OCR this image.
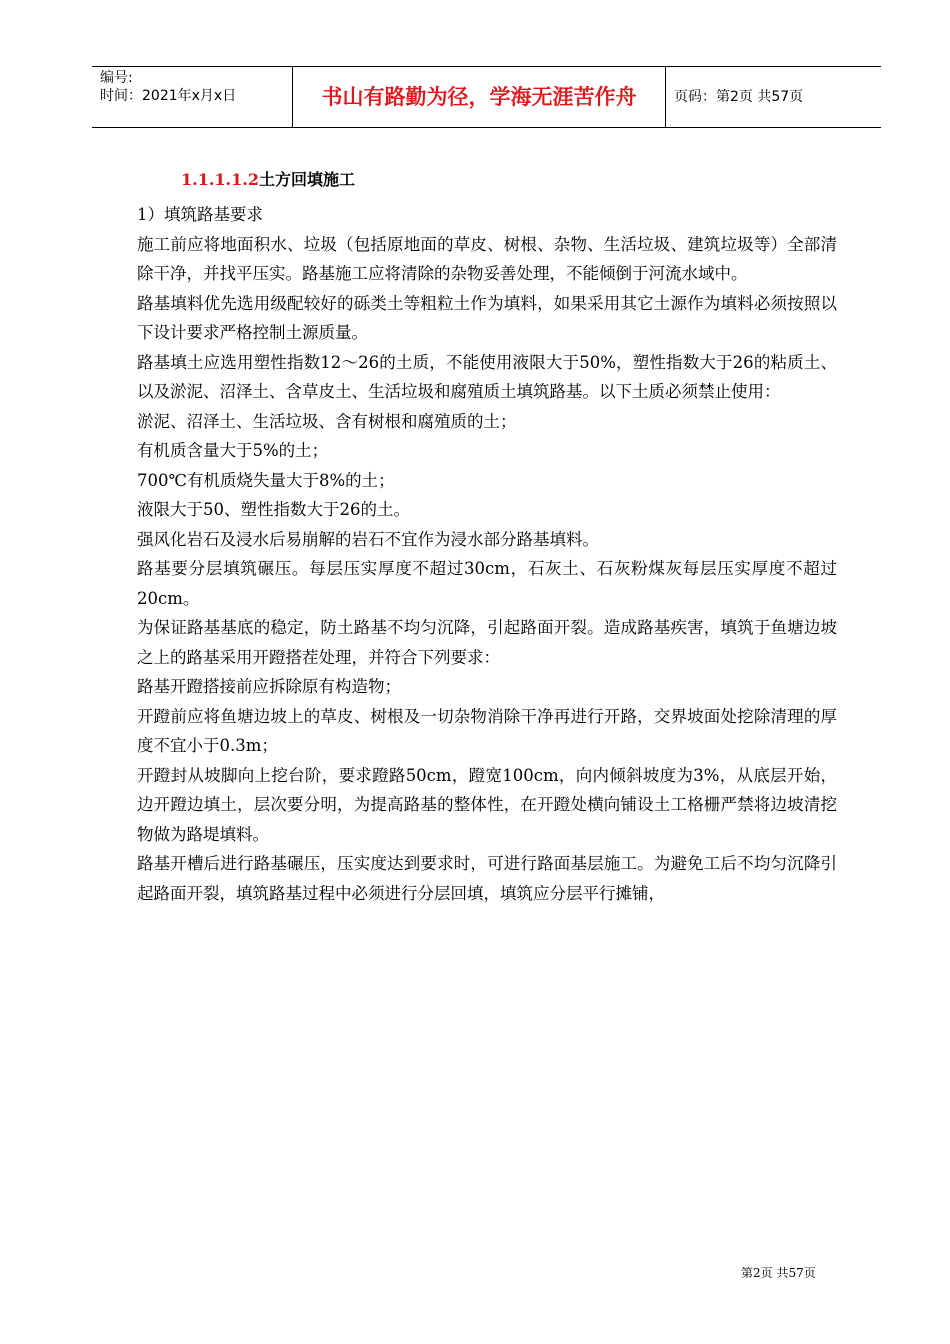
编号:
时间：2021年x月x日	书山有路勤为径，学海无涯苦作舟	页码：第2页 共57页
1.1.1.1.2土方回填施工

1）填筑路基要求

施工前应将地面积水、垃圾（包括原地面的草皮、树根、杂物、生活垃圾、建筑垃圾等）全部清除干净，并找平压实。路基施工应将清除的杂物妥善处理，不能倾倒于河流水域中。

路基填料优先选用级配较好的砾类土等粗粒土作为填料，如果采用其它土源作为填料必须按照以下设计要求严格控制土源质量。

路基填土应选用塑性指数12～26的土质，不能使用液限大于50%，塑性指数大于26的粘质土、以及淤泥、沼泽土、含草皮土、生活垃圾和腐殖质土填筑路基。以下土质必须禁止使用：

淤泥、沼泽土、生活垃圾、含有树根和腐殖质的土；

有机质含量大于5%的土；

700℃有机质烧失量大于8%的土；

液限大于50、塑性指数大于26的土。

强风化岩石及浸水后易崩解的岩石不宜作为浸水部分路基填料。

路基要分层填筑碾压。每层压实厚度不超过30cm，石灰土、石灰粉煤灰每层压实厚度不超过20cm。

为保证路基基底的稳定，防土路基不均匀沉降，引起路面开裂。造成路基疾害，填筑于鱼塘边坡之上的路基采用开蹬搭茬处理，并符合下列要求：

路基开蹬搭接前应拆除原有构造物；

开蹬前应将鱼塘边坡上的草皮、树根及一切杂物消除干净再进行开路，交界坡面处挖除清理的厚度不宜小于0.3m；

开蹬封从坡脚向上挖台阶，要求蹬路50cm，蹬宽100cm，向内倾斜坡度为3%，从底层开始，边开蹬边填土，层次要分明，为提高路基的整体性，在开蹬处横向铺设土工格栅严禁将边坡清挖物做为路堤填料。

路基开槽后进行路基碾压，压实度达到要求时，可进行路面基层施工。为避免工后不均匀沉降引起路面开裂，填筑路基过程中必须进行分层回填，填筑应分层平行摊铺，

第2页 共57页
